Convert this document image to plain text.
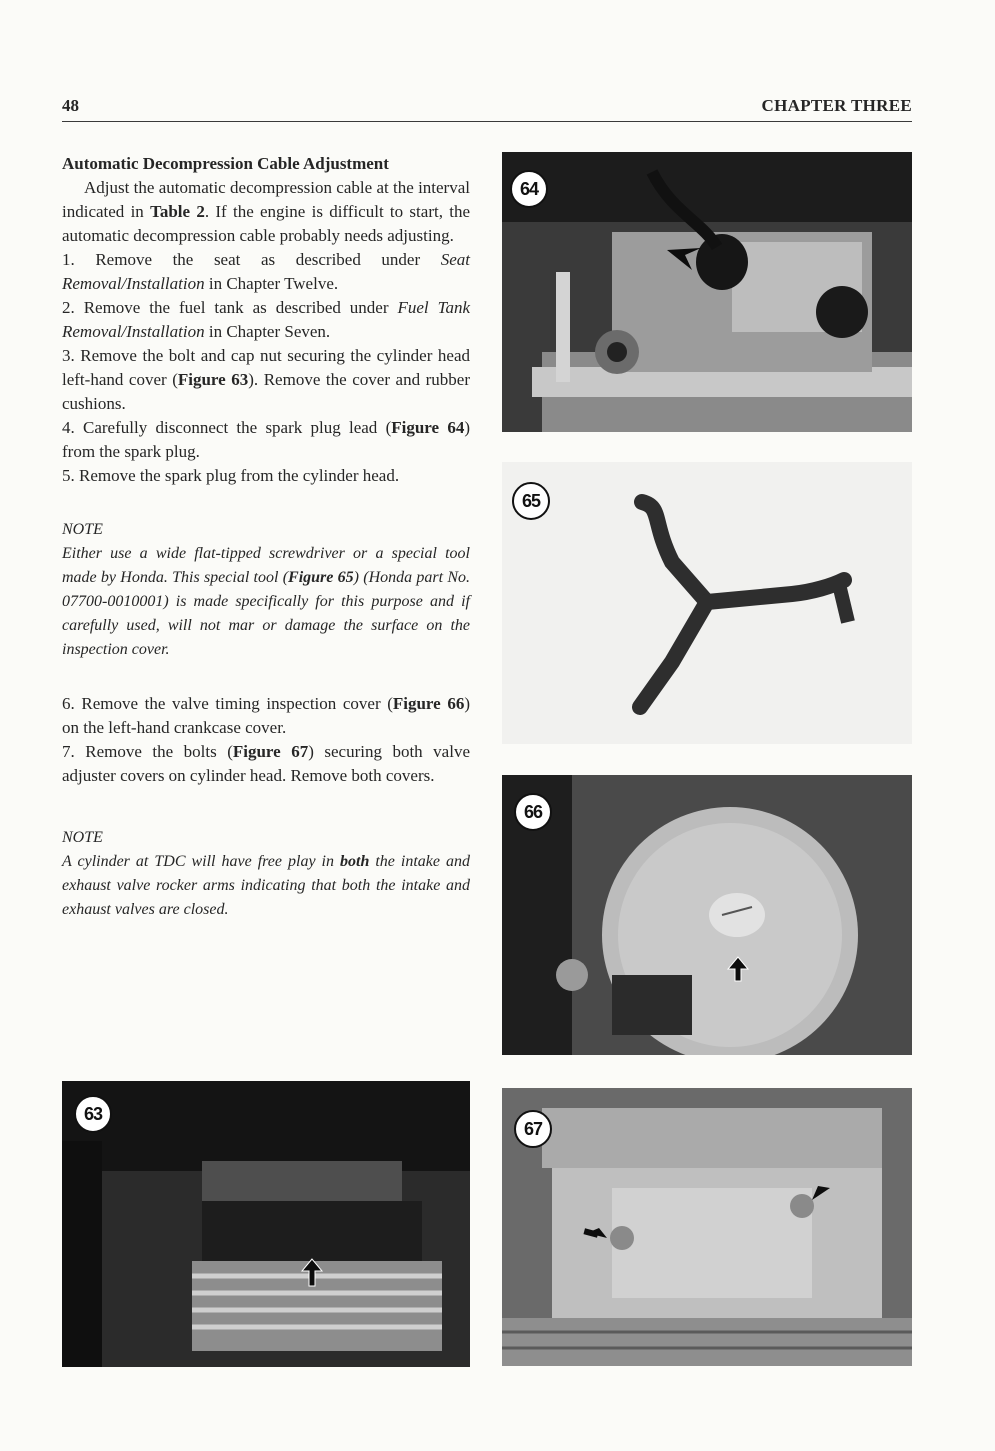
48	CHAPTER THREE

Automatic Decompression Cable Adjustment

Adjust the automatic decompression cable at the interval indicated in Table 2. If the engine is difficult to start, the automatic decompression cable probably needs adjusting.

1. Remove the seat as described under Seat Removal/Installation in Chapter Twelve.

2. Remove the fuel tank as described under Fuel Tank Removal/Installation in Chapter Seven.

3. Remove the bolt and cap nut securing the cylinder head left-hand cover (Figure 63). Remove the cover and rubber cushions.

4. Carefully disconnect the spark plug lead (Figure 64) from the spark plug.

5. Remove the spark plug from the cylinder head.

NOTE

Either use a wide flat-tipped screwdriver or a special tool made by Honda. This special tool (Figure 65) (Honda part No. 07700-0010001) is made specifically for this purpose and if carefully used, will not mar or damage the surface on the inspection cover.

6. Remove the valve timing inspection cover (Figure 66) on the left-hand crankcase cover.

7. Remove the bolts (Figure 67) securing both valve adjuster covers on cylinder head. Remove both covers.

NOTE

A cylinder at TDC will have free play in both the intake and exhaust valve rocker arms indicating that both the intake and exhaust valves are closed.

64
65
66
63
67
